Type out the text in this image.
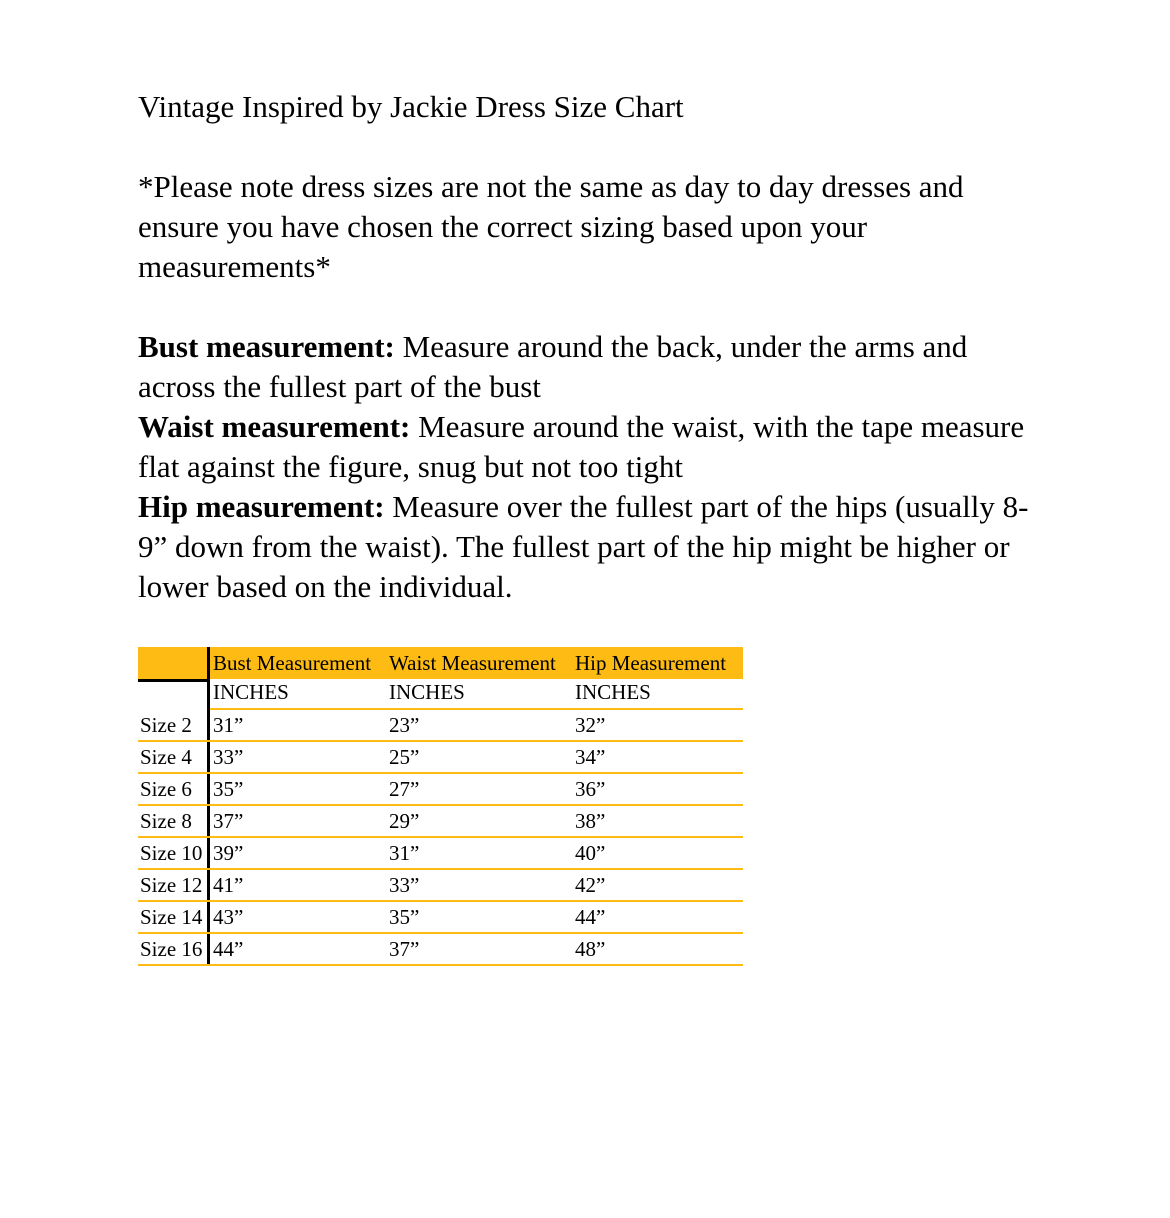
Vintage Inspired by Jackie Dress Size Chart

*Please note dress sizes are not the same as day to day dresses and ensure you have chosen the correct sizing based upon your measurements*

Bust measurement: Measure around the back, under the arms and across the fullest part of the bust

Waist measurement: Measure around the waist, with the tape measure flat against the figure, snug but not too tight

Hip measurement: Measure over the fullest part of the hips (usually 8-9” down from the waist). The fullest part of the hip might be higher or lower based on the individual.

Bust Measurement Waist Measurement Hip Measurement
INCHES	INCHES	INCHES
Size 2	31”	23”	32”
Size 4	33”	25”	34”
Size 6	35”	27”	36”
Size 8	37”	29”	38”
Size 10 39”	31”	40”
Size 12 41”	33”	42”
Size 14 43”	35”	44”
Size 16 44”	37”	48”
